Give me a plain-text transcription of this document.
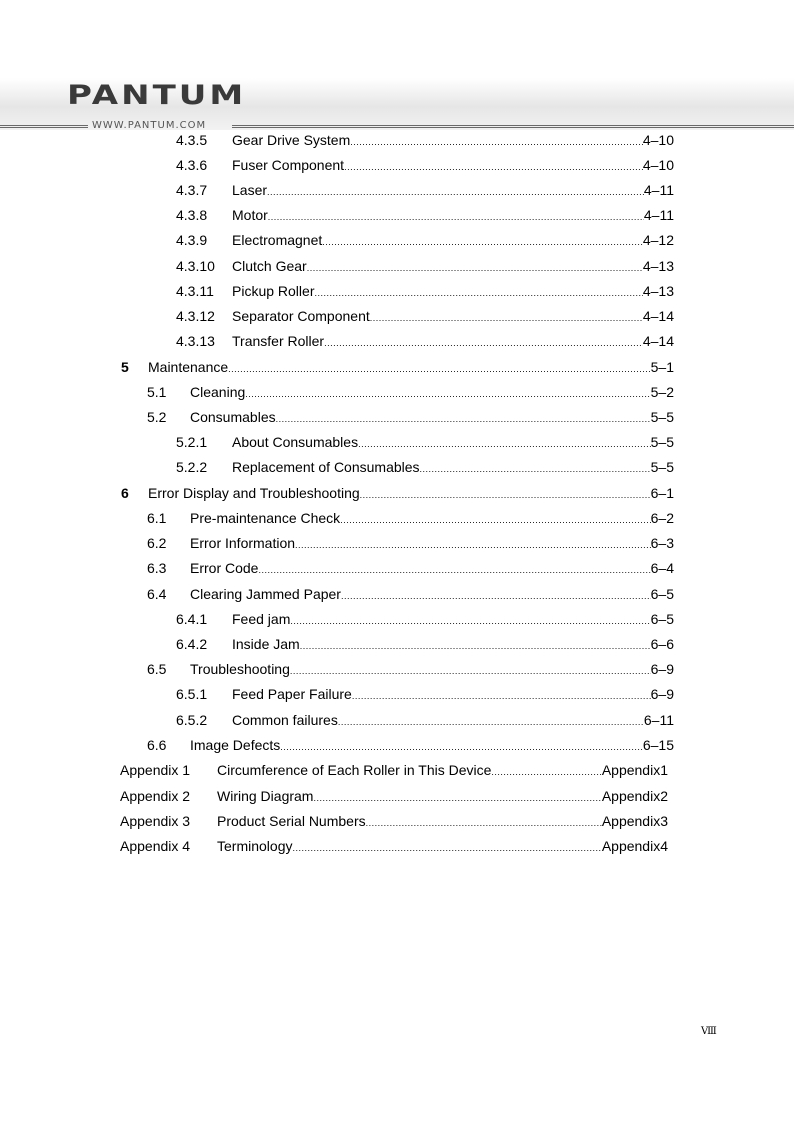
PANTUM
WWW.PANTUM.COM
4.3.5	Gear Drive System .....	4–10
4.3.6	Fuser Component .....	4–10
4.3.7	Laser .....	4–11
4.3.8	Motor .....	4–11
4.3.9	Electromagnet .....	4–12
4.3.10	Clutch Gear .....	4–13
4.3.11	Pickup Roller .....	4–13
4.3.12	Separator Component .....	4–14
4.3.13	Transfer Roller .....	4–14
5	Maintenance .....	5–1
5.1	Cleaning .....	5–2
5.2	Consumables .....	5–5
5.2.1	About Consumables .....	5–5
5.2.2	Replacement of Consumables .....	5–5
6	Error Display and Troubleshooting .....	6–1
6.1	Pre-maintenance Check .....	6–2
6.2	Error Information .....	6–3
6.3	Error Code .....	6–4
6.4	Clearing Jammed Paper .....	6–5
6.4.1	Feed jam .....	6–5
6.4.2	Inside Jam .....	6–6
6.5	Troubleshooting .....	6–9
6.5.1	Feed Paper Failure .....	6–9
6.5.2	Common failures .....	6–11
6.6	Image Defects .....	6–15
Appendix 1	Circumference of Each Roller in This Device .....	Appendix1
Appendix 2	Wiring Diagram .....	Appendix2
Appendix 3	Product Serial Numbers .....	Appendix3
Appendix 4	Terminology .....	Appendix4
Ⅷ
